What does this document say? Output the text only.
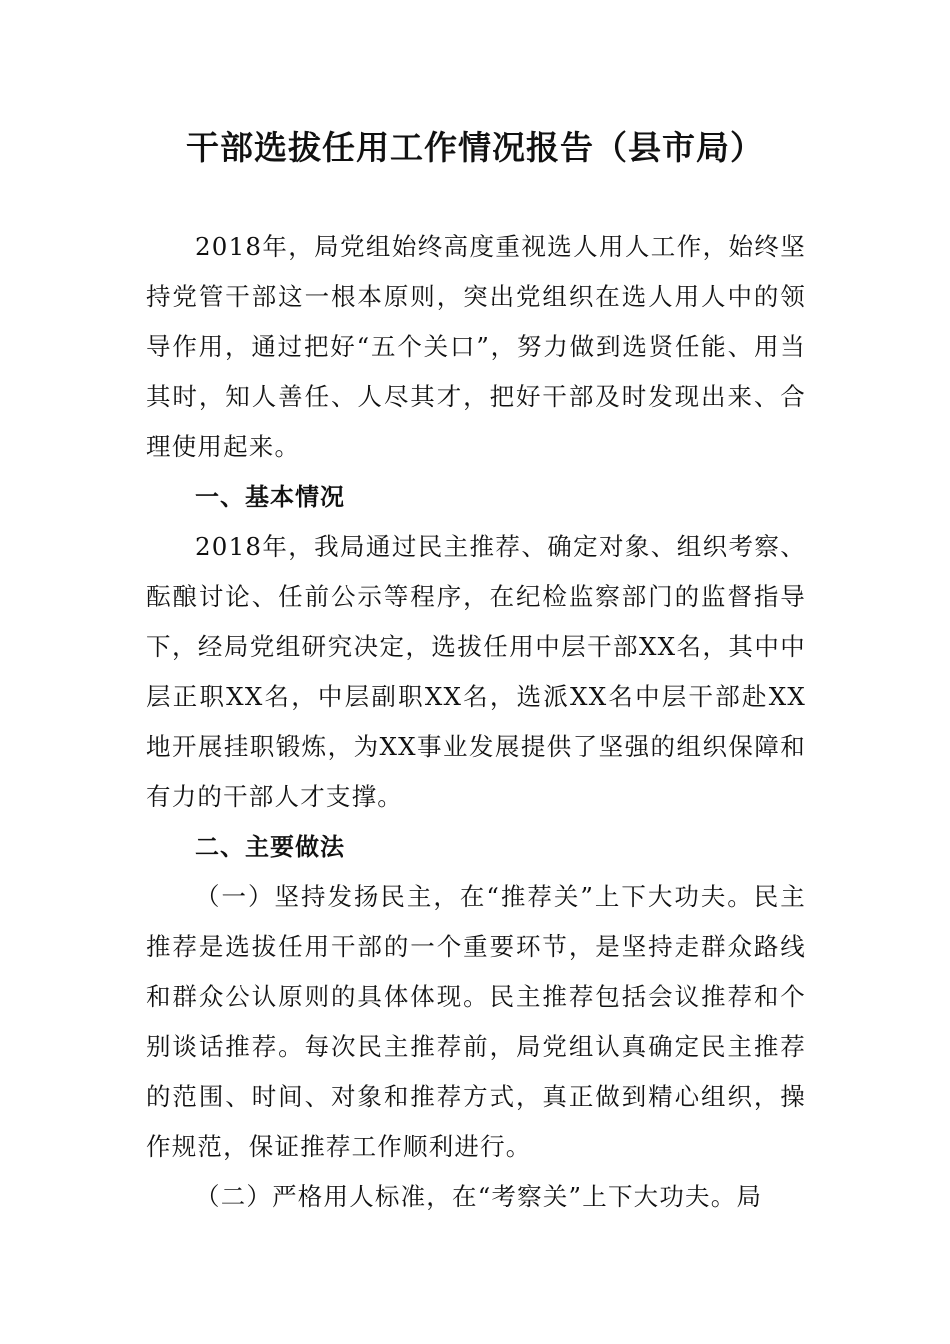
干部选拔任用工作情况报告（县市局）

2018年，局党组始终高度重视选人用人工作，始终坚持党管干部这一根本原则，突出党组织在选人用人中的领导作用，通过把好“五个关口”，努力做到选贤任能、用当其时，知人善任、人尽其才，把好干部及时发现出来、合理使用起来。

一、基本情况

2018年，我局通过民主推荐、确定对象、组织考察、酝酿讨论、任前公示等程序，在纪检监察部门的监督指导下，经局党组研究决定，选拔任用中层干部XX名，其中中层正职XX名，中层副职XX名，选派XX名中层干部赴XX地开展挂职锻炼，为XX事业发展提供了坚强的组织保障和有力的干部人才支撑。

二、主要做法

（一）坚持发扬民主，在“推荐关”上下大功夫。民主推荐是选拔任用干部的一个重要环节，是坚持走群众路线和群众公认原则的具体体现。民主推荐包括会议推荐和个别谈话推荐。每次民主推荐前，局党组认真确定民主推荐的范围、时间、对象和推荐方式，真正做到精心组织，操作规范，保证推荐工作顺利进行。

（二）严格用人标准，在“考察关”上下大功夫。局
